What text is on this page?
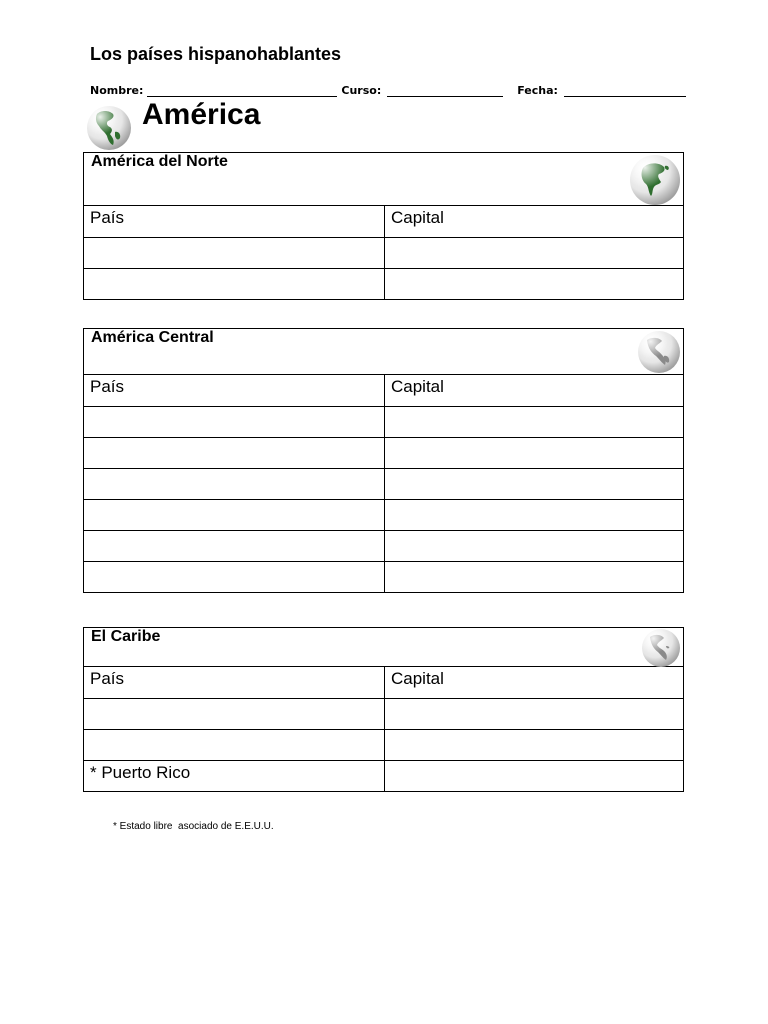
Los países hispanohablantes
Nombre:	Curso:	Fecha:
América
América del Norte
País	Capital
América Central
País	Capital
El Caribe
País	Capital
* Puerto Rico
* Estado libre  asociado de E.E.U.U.
